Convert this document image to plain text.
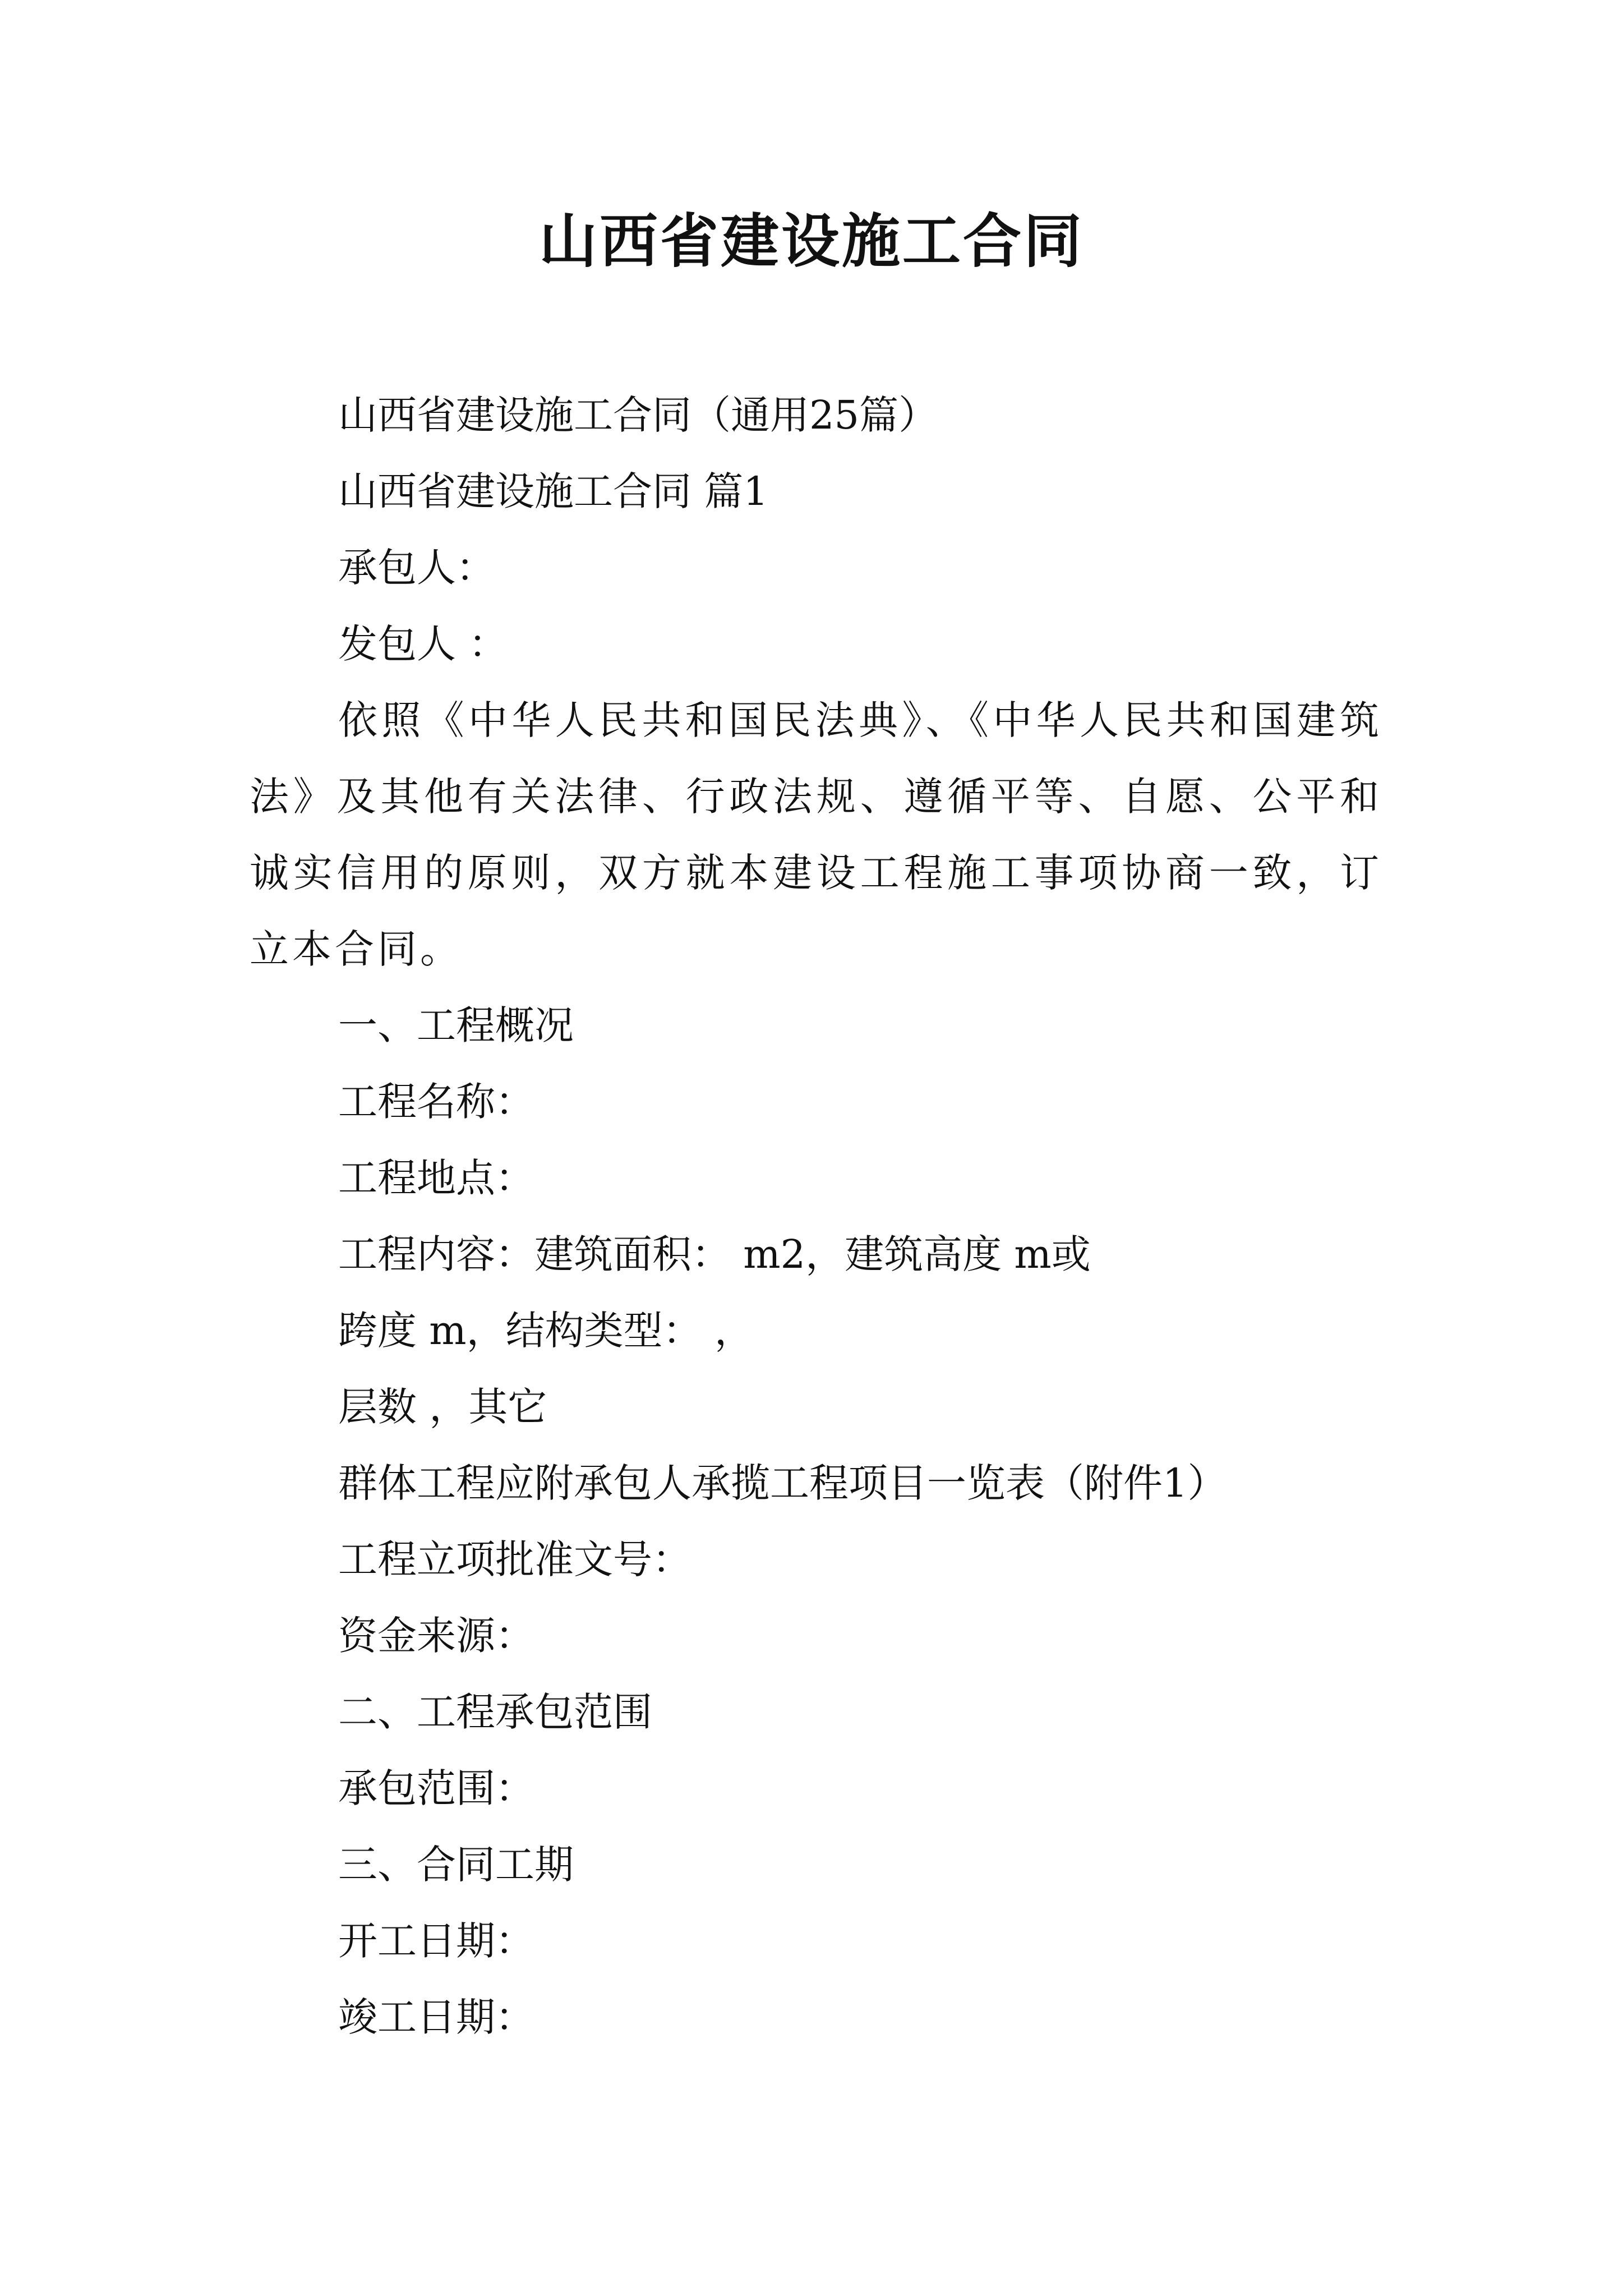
山西省建设施工合同
山西省建设施工合同（通用25篇）
山西省建设施工合同 篇1
承包人：
发包人 ：
依照《中华人民共和国民法典》、《中华人民共和国建筑法》及其他有关法律、行政法规、遵循平等、自愿、公平和诚实信用的原则，双方就本建设工程施工事项协商一致，订立本合同。
一、工程概况
工程名称：
工程地点：
工程内容：建筑面积： m2，建筑高度 m或
跨度 m，结构类型： ，
层数 ，其它
群体工程应附承包人承揽工程项目一览表（附件1）
工程立项批准文号：
资金来源：
二、工程承包范围
承包范围：
三、合同工期
开工日期：
竣工日期：
